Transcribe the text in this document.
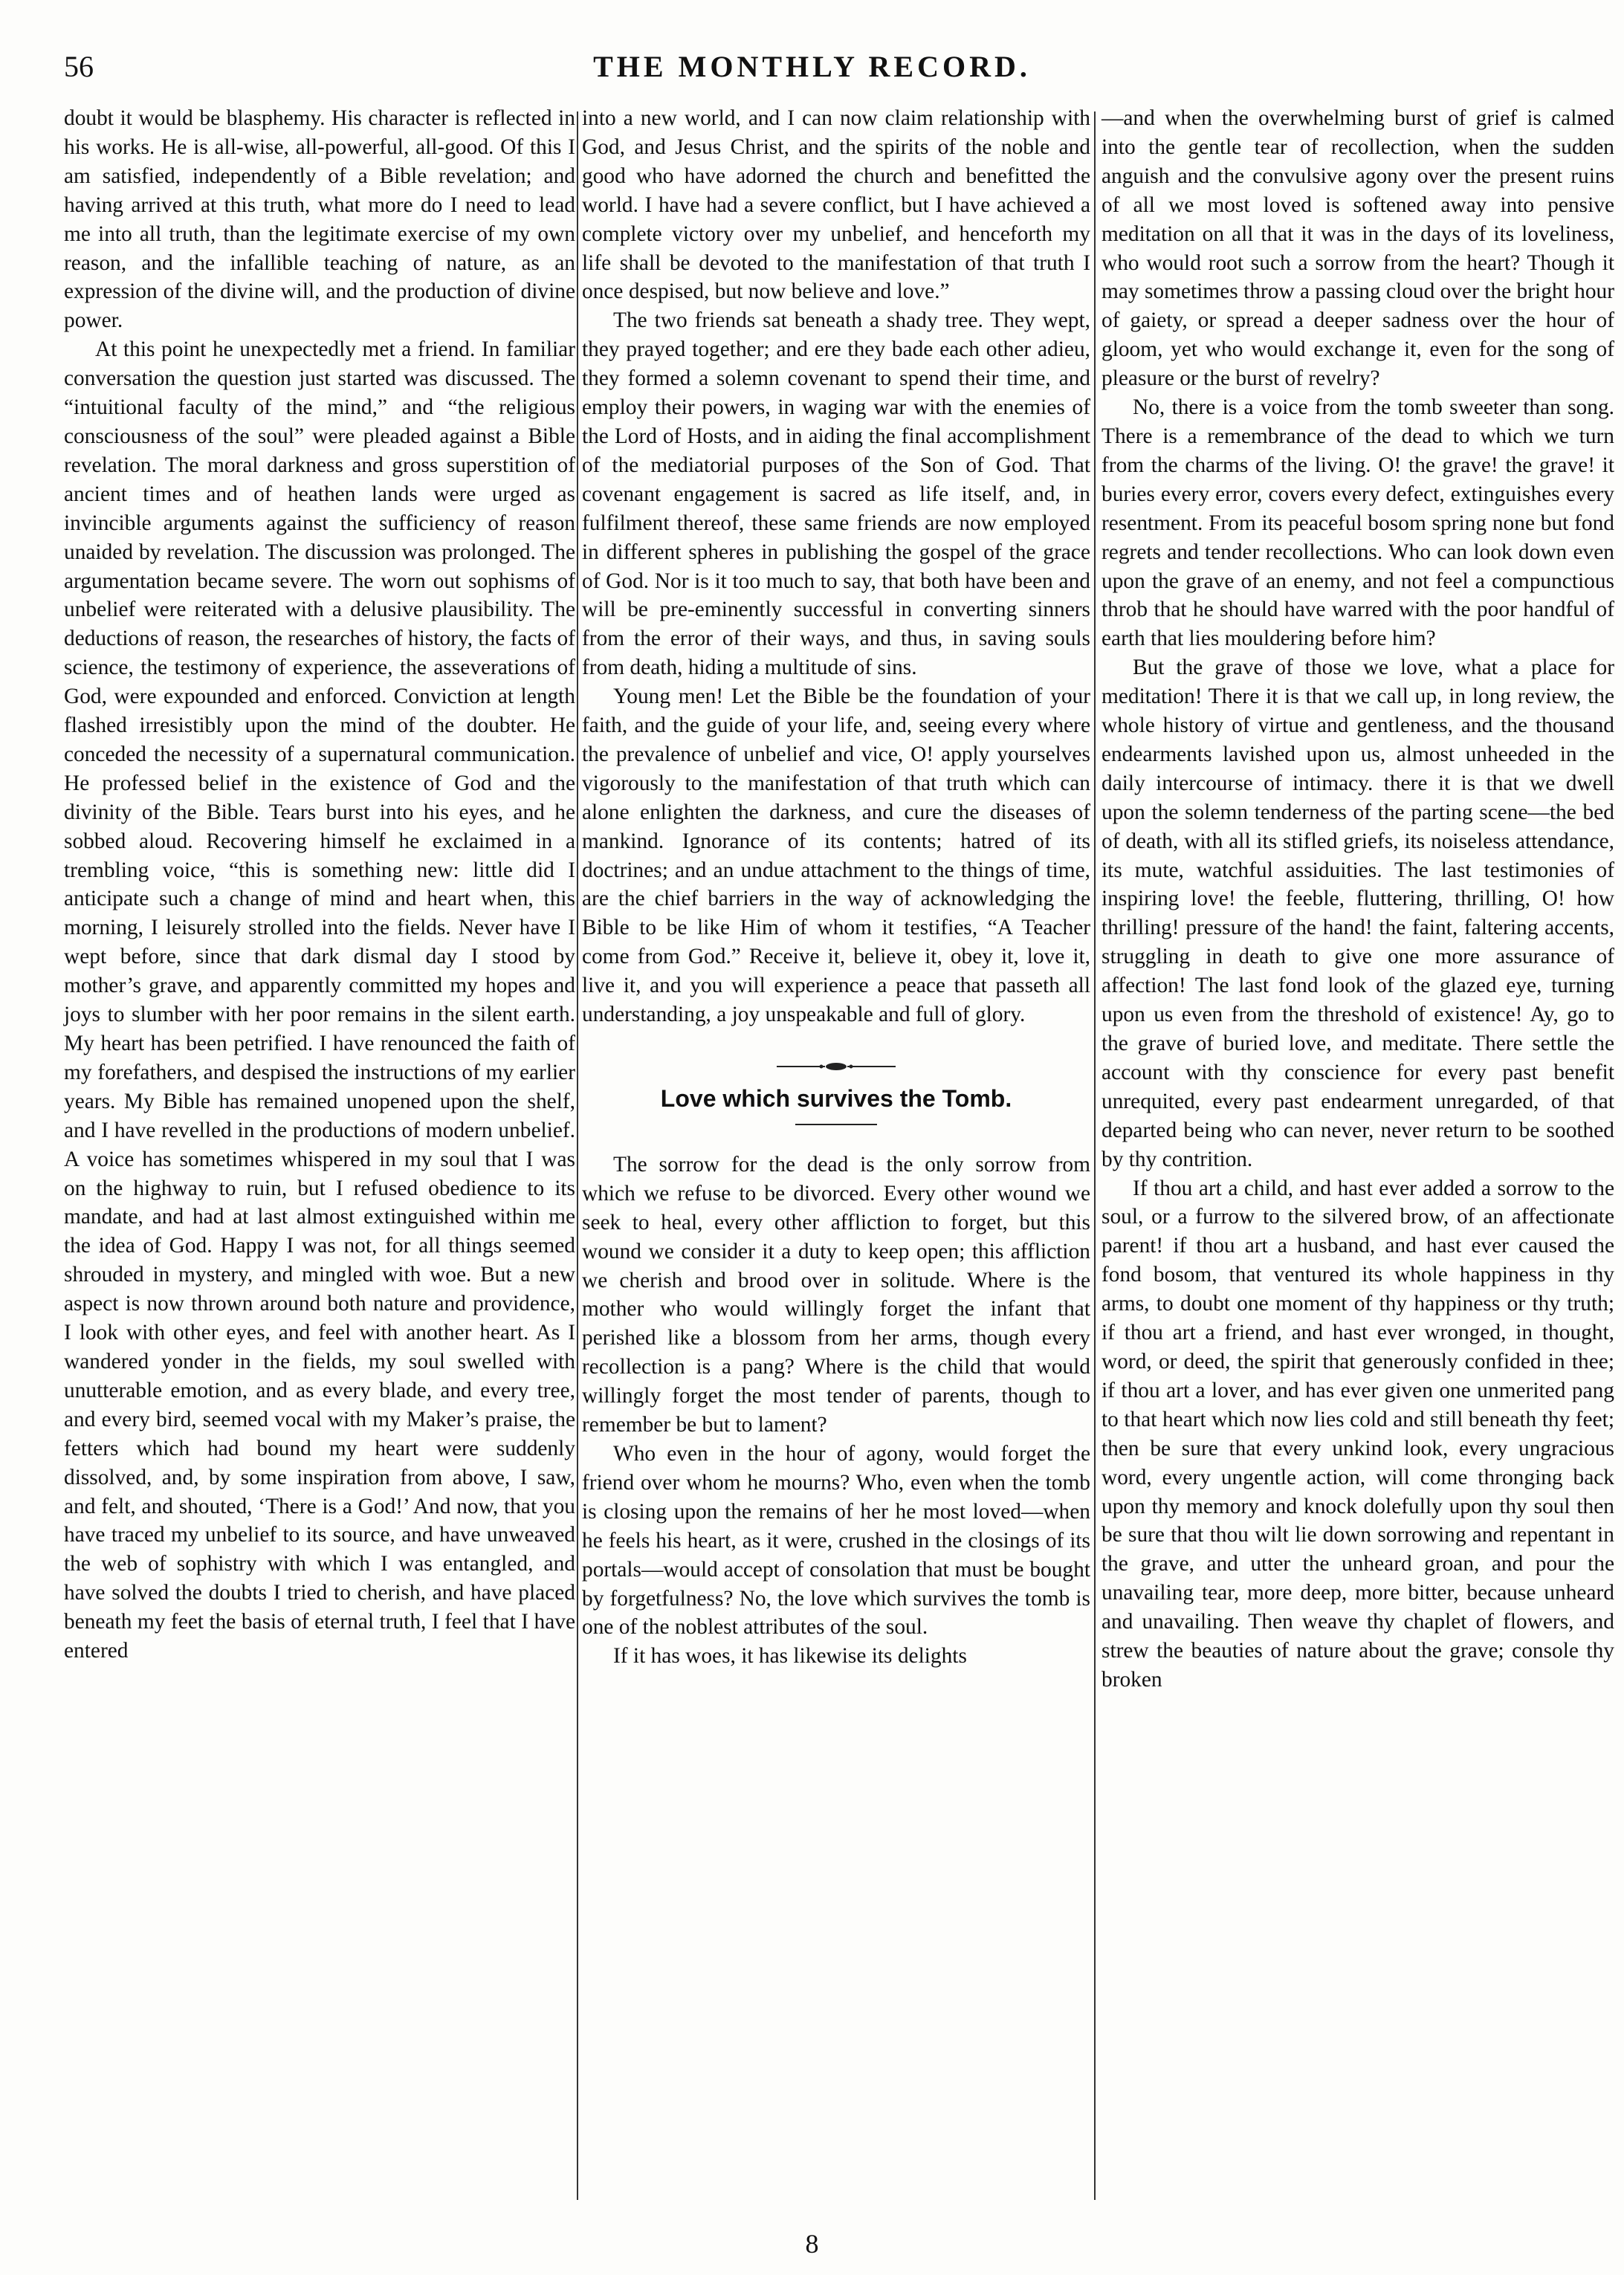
56	THE MONTHLY RECORD.

doubt it would be blasphemy. His character is reflected in his works. He is all-wise, all-powerful, all-good. Of this I am satisfied, independently of a Bible revelation; and having arrived at this truth, what more do I need to lead me into all truth, than the legitimate exercise of my own reason, and the infallible teaching of nature, as an expression of the divine will, and the production of divine power.

At this point he unexpectedly met a friend. In familiar conversation the question just started was discussed. The “intuitional faculty of the mind,” and “the religious consciousness of the soul” were pleaded against a Bible revelation. The moral darkness and gross superstition of ancient times and of heathen lands were urged as invincible arguments against the sufficiency of reason unaided by revelation. The discussion was prolonged. The argumentation became severe. The worn out sophisms of unbelief were reiterated with a delusive plausibility. The deductions of reason, the researches of history, the facts of science, the testimony of experience, the asseverations of God, were expounded and enforced. Conviction at length flashed irresistibly upon the mind of the doubter. He conceded the necessity of a supernatural communication. He professed belief in the existence of God and the divinity of the Bible. Tears burst into his eyes, and he sobbed aloud. Recovering himself he exclaimed in a trembling voice, “this is something new: little did I anticipate such a change of mind and heart when, this morning, I leisurely strolled into the fields. Never have I wept before, since that dark dismal day I stood by mother’s grave, and apparently committed my hopes and joys to slumber with her poor remains in the silent earth. My heart has been petrified. I have renounced the faith of my forefathers, and despised the instructions of my earlier years. My Bible has remained unopened upon the shelf, and I have revelled in the productions of modern unbelief. A voice has sometimes whispered in my soul that I was on the highway to ruin, but I refused obedience to its mandate, and had at last almost extinguished within me the idea of God. Happy I was not, for all things seemed shrouded in mystery, and mingled with woe. But a new aspect is now thrown around both nature and providence, I look with other eyes, and feel with another heart. As I wandered yonder in the fields, my soul swelled with unutterable emotion, and as every blade, and every tree, and every bird, seemed vocal with my Maker’s praise, the fetters which had bound my heart were suddenly dissolved, and, by some inspiration from above, I saw, and felt, and shouted, ‘There is a God!’ And now, that you have traced my unbelief to its source, and have unweaved the web of sophistry with which I was entangled, and have solved the doubts I tried to cherish, and have placed beneath my feet the basis of eternal truth, I feel that I have entered

into a new world, and I can now claim relationship with God, and Jesus Christ, and the spirits of the noble and good who have adorned the church and benefitted the world. I have had a severe conflict, but I have achieved a complete victory over my unbelief, and henceforth my life shall be devoted to the manifestation of that truth I once despised, but now believe and love.”

The two friends sat beneath a shady tree. They wept, they prayed together; and ere they bade each other adieu, they formed a solemn covenant to spend their time, and employ their powers, in waging war with the enemies of the Lord of Hosts, and in aiding the final accomplishment of the mediatorial purposes of the Son of God. That covenant engagement is sacred as life itself, and, in fulfilment thereof, these same friends are now employed in different spheres in publishing the gospel of the grace of God. Nor is it too much to say, that both have been and will be pre-eminently successful in converting sinners from the error of their ways, and thus, in saving souls from death, hiding a multitude of sins.

Young men! Let the Bible be the foundation of your faith, and the guide of your life, and, seeing every where the prevalence of unbelief and vice, O! apply yourselves vigorously to the manifestation of that truth which can alone enlighten the darkness, and cure the diseases of mankind. Ignorance of its contents; hatred of its doctrines; and an undue attachment to the things of time, are the chief barriers in the way of acknowledging the Bible to be like Him of whom it testifies, “A Teacher come from God.” Receive it, believe it, obey it, love it, live it, and you will experience a peace that passeth all understanding, a joy unspeakable and full of glory.

Love which survives the Tomb.

The sorrow for the dead is the only sorrow from which we refuse to be divorced. Every other wound we seek to heal, every other affliction to forget, but this wound we consider it a duty to keep open; this affliction we cherish and brood over in solitude. Where is the mother who would willingly forget the infant that perished like a blossom from her arms, though every recollection is a pang? Where is the child that would willingly forget the most tender of parents, though to remember be but to lament?

Who even in the hour of agony, would forget the friend over whom he mourns? Who, even when the tomb is closing upon the remains of her he most loved—when he feels his heart, as it were, crushed in the closings of its portals—would accept of consolation that must be bought by forgetfulness? No, the love which survives the tomb is one of the noblest attributes of the soul.

If it has woes, it has likewise its delights

—and when the overwhelming burst of grief is calmed into the gentle tear of recollection, when the sudden anguish and the convulsive agony over the present ruins of all we most loved is softened away into pensive meditation on all that it was in the days of its loveliness, who would root such a sorrow from the heart? Though it may sometimes throw a passing cloud over the bright hour of gaiety, or spread a deeper sadness over the hour of gloom, yet who would exchange it, even for the song of pleasure or the burst of revelry?

No, there is a voice from the tomb sweeter than song. There is a remembrance of the dead to which we turn from the charms of the living. O! the grave! the grave! it buries every error, covers every defect, extinguishes every resentment. From its peaceful bosom spring none but fond regrets and tender recollections. Who can look down even upon the grave of an enemy, and not feel a compunctious throb that he should have warred with the poor handful of earth that lies mouldering before him?

But the grave of those we love, what a place for meditation! There it is that we call up, in long review, the whole history of virtue and gentleness, and the thousand endearments lavished upon us, almost unheeded in the daily intercourse of intimacy. there it is that we dwell upon the solemn tenderness of the parting scene—the bed of death, with all its stifled griefs, its noiseless attendance, its mute, watchful assiduities. The last testimonies of inspiring love! the feeble, fluttering, thrilling, O! how thrilling! pressure of the hand! the faint, faltering accents, struggling in death to give one more assurance of affection! The last fond look of the glazed eye, turning upon us even from the threshold of existence! Ay, go to the grave of buried love, and meditate. There settle the account with thy conscience for every past benefit unrequited, every past endearment unregarded, of that departed being who can never, never return to be soothed by thy contrition.

If thou art a child, and hast ever added a sorrow to the soul, or a furrow to the silvered brow, of an affectionate parent! if thou art a husband, and hast ever caused the fond bosom, that ventured its whole happiness in thy arms, to doubt one moment of thy happiness or thy truth; if thou art a friend, and hast ever wronged, in thought, word, or deed, the spirit that generously confided in thee; if thou art a lover, and has ever given one unmerited pang to that heart which now lies cold and still beneath thy feet; then be sure that every unkind look, every ungracious word, every ungentle action, will come thronging back upon thy memory and knock dolefully upon thy soul then be sure that thou wilt lie down sorrowing and repentant in the grave, and utter the unheard groan, and pour the unavailing tear, more deep, more bitter, because unheard and unavailing. Then weave thy chaplet of flowers, and strew the beauties of nature about the grave; console thy broken

8
